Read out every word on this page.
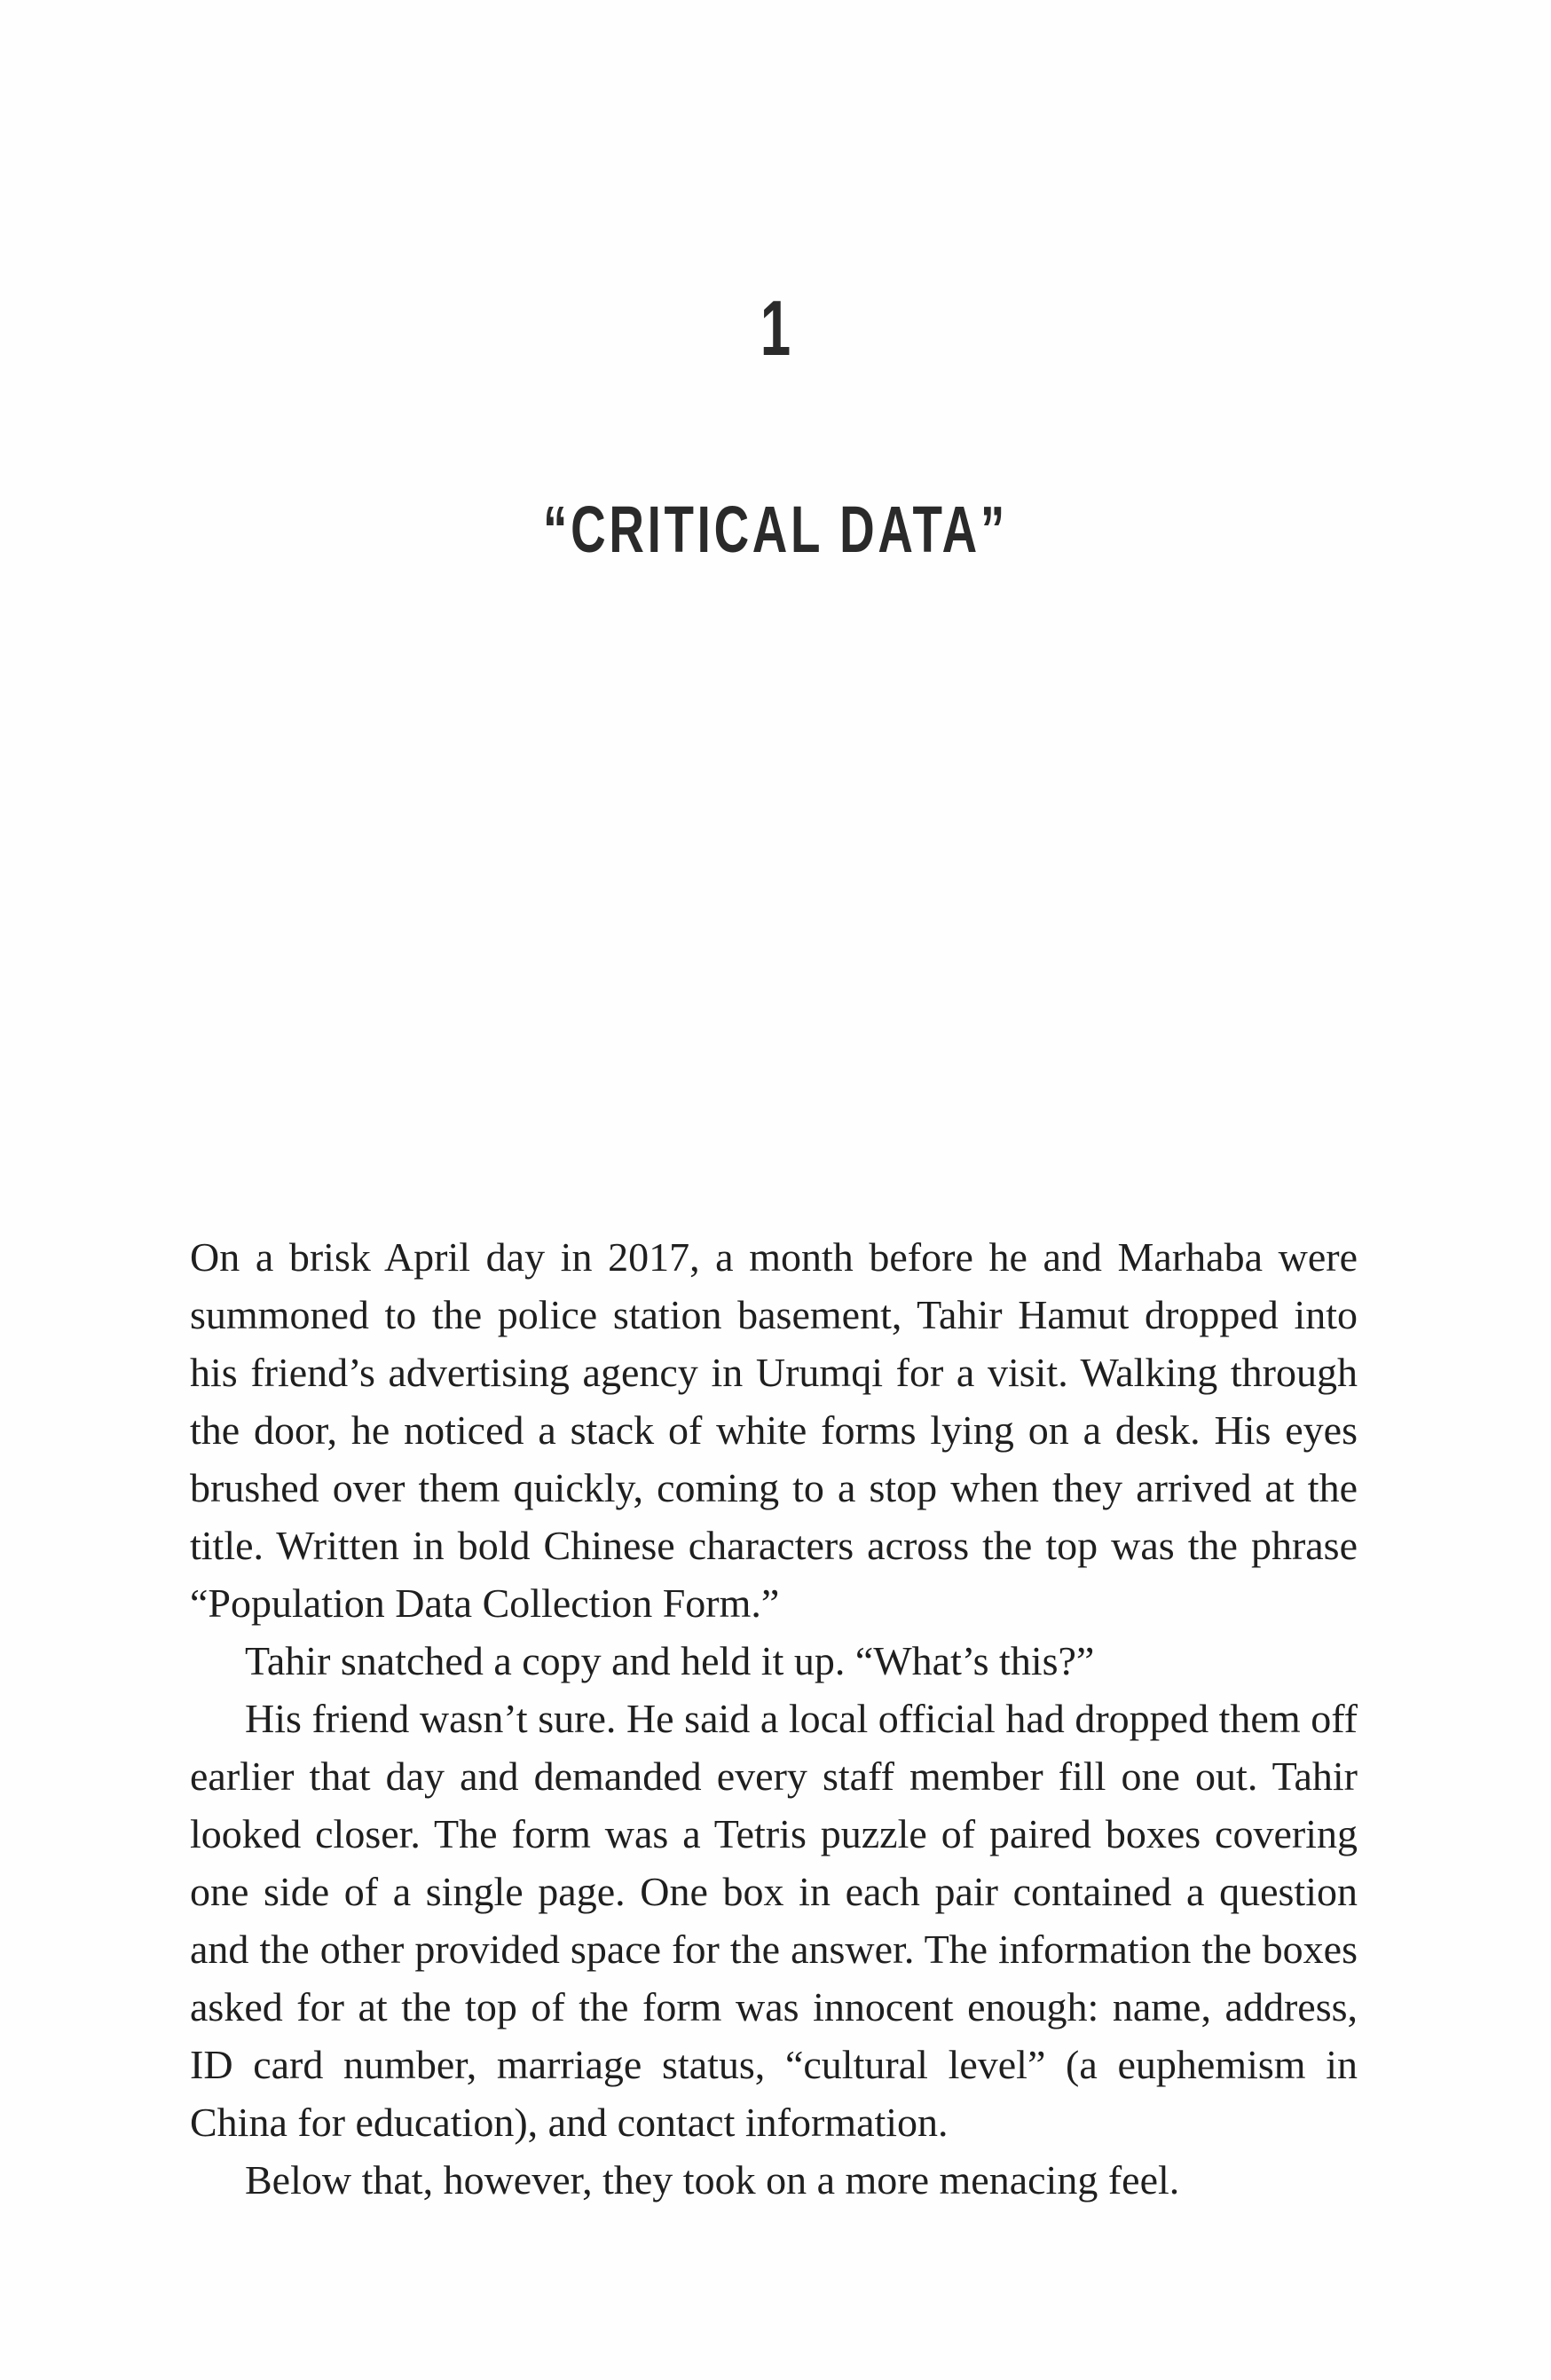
1
“CRITICAL DATA”

On a brisk April day in 2017, a month before he and Marhaba were summoned to the police station basement, Tahir Hamut dropped into his friend’s advertising agency in Urumqi for a visit. Walking through the door, he noticed a stack of white forms lying on a desk. His eyes brushed over them quickly, coming to a stop when they arrived at the title. Written in bold Chinese characters across the top was the phrase “Population Data Collection Form.”

Tahir snatched a copy and held it up. “What’s this?”

His friend wasn’t sure. He said a local official had dropped them off earlier that day and demanded every staff member fill one out. Tahir looked closer. The form was a Tetris puzzle of paired boxes covering one side of a single page. One box in each pair contained a question and the other provided space for the answer. The information the boxes asked for at the top of the form was innocent enough: name, address, ID card number, marriage status, “cultural level” (a euphemism in China for education), and contact information.

Below that, however, they took on a more menacing feel.
